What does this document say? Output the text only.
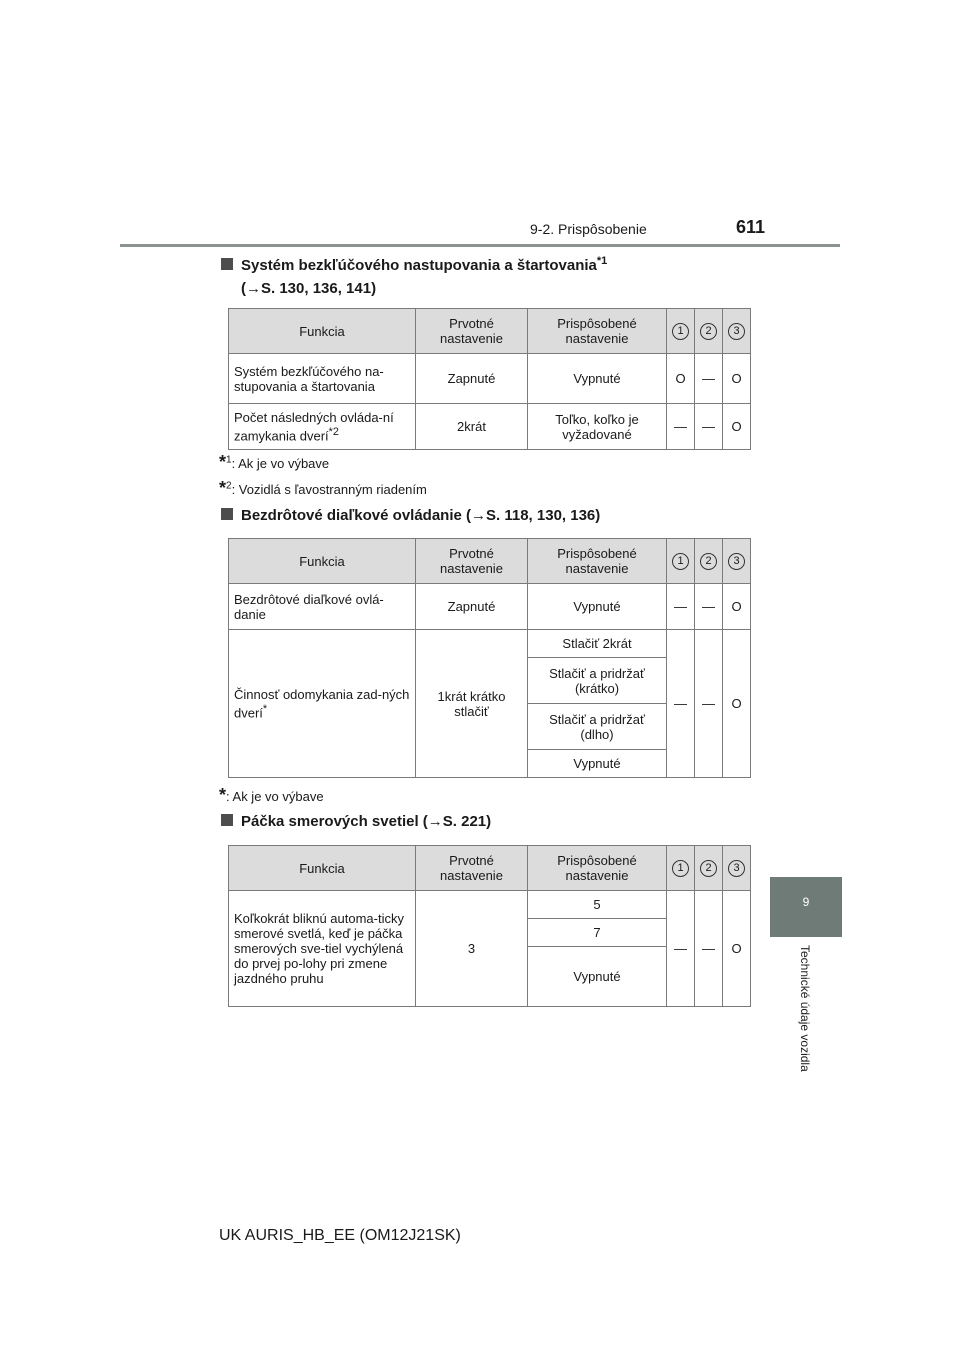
9-2. Prispôsobenie	611
9
Technické údaje vozidla
Systém bezkľúčového nastupovania a štartovania$^{*1}$
(→S. 130, 136, 141)
Funkcia	Prvotné nastavenie	Prispôsobené nastavenie	1	2	3
Systém bezkľúčového na-stupovania a štartovania	Zapnuté	Vypnuté	O	—	O
Počet následných ovláda-ní zamykania dverí$^{*2}$	2krát	Toľko, koľko je vyžadované	—	—	O
*$^1$: Ak je vo výbave
*$^2$: Vozidlá s ľavostranným riadením
Bezdrôtové diaľkové ovládanie (→S. 118, 130, 136)
Funkcia	Prvotné nastavenie	Prispôsobené nastavenie	1	2	3
Bezdrôtové diaľkové ovlá-danie	Zapnuté	Vypnuté	—	—	O
Činnosť odomykania zad-ných dverí*	1krát krátko stlačiť	Stlačiť 2krát	—	—	O
		Stlačiť a pridržať (krátko)			
		Stlačiť a pridržať (dlho)			
		Vypnuté			
*: Ak je vo výbave
Páčka smerových svetiel (→S. 221)
Funkcia	Prvotné nastavenie	Prispôsobené nastavenie	1	2	3
Koľkokrát bliknú automa-ticky smerové svetlá, keď je páčka smerových sve-tiel vychýlená do prvej po-lohy pri zmene jazdného pruhu	3	5	—	—	O
		7			
		Vypnuté			
UK AURIS_HB_EE (OM12J21SK)
